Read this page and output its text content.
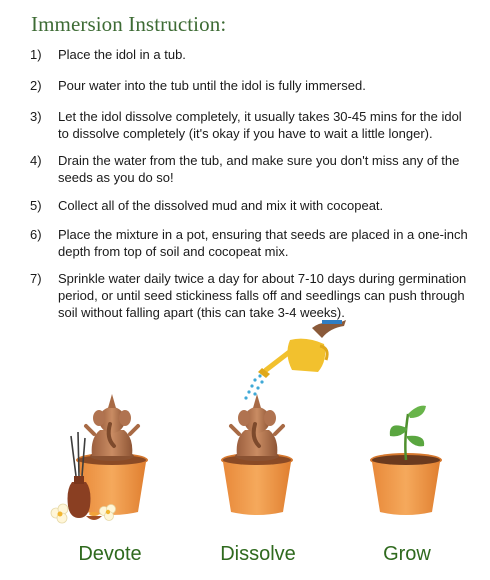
Immersion Instruction:
1)	Place the idol in a tub.
2)	Pour water into the tub until the idol is fully immersed.
3)	Let the idol dissolve completely, it usually takes 30-45 mins for the idol to dissolve completely (it's okay if you have to wait a little longer).
4)	Drain the water from the tub, and make sure you don't miss any of the seeds as you do so!
5)	Collect all of the dissolved mud and mix it with cocopeat.
6)	Place the mixture in a pot, ensuring that seeds are placed in a one-inch depth from top of soil and cocopeat mix.
7)	Sprinkle water daily twice a day for about 7-10 days during germination period, or until seed stickiness falls off and seedlings can push through soil without falling apart (this can take 3-4 weeks).
Devote	Dissolve	Grow
